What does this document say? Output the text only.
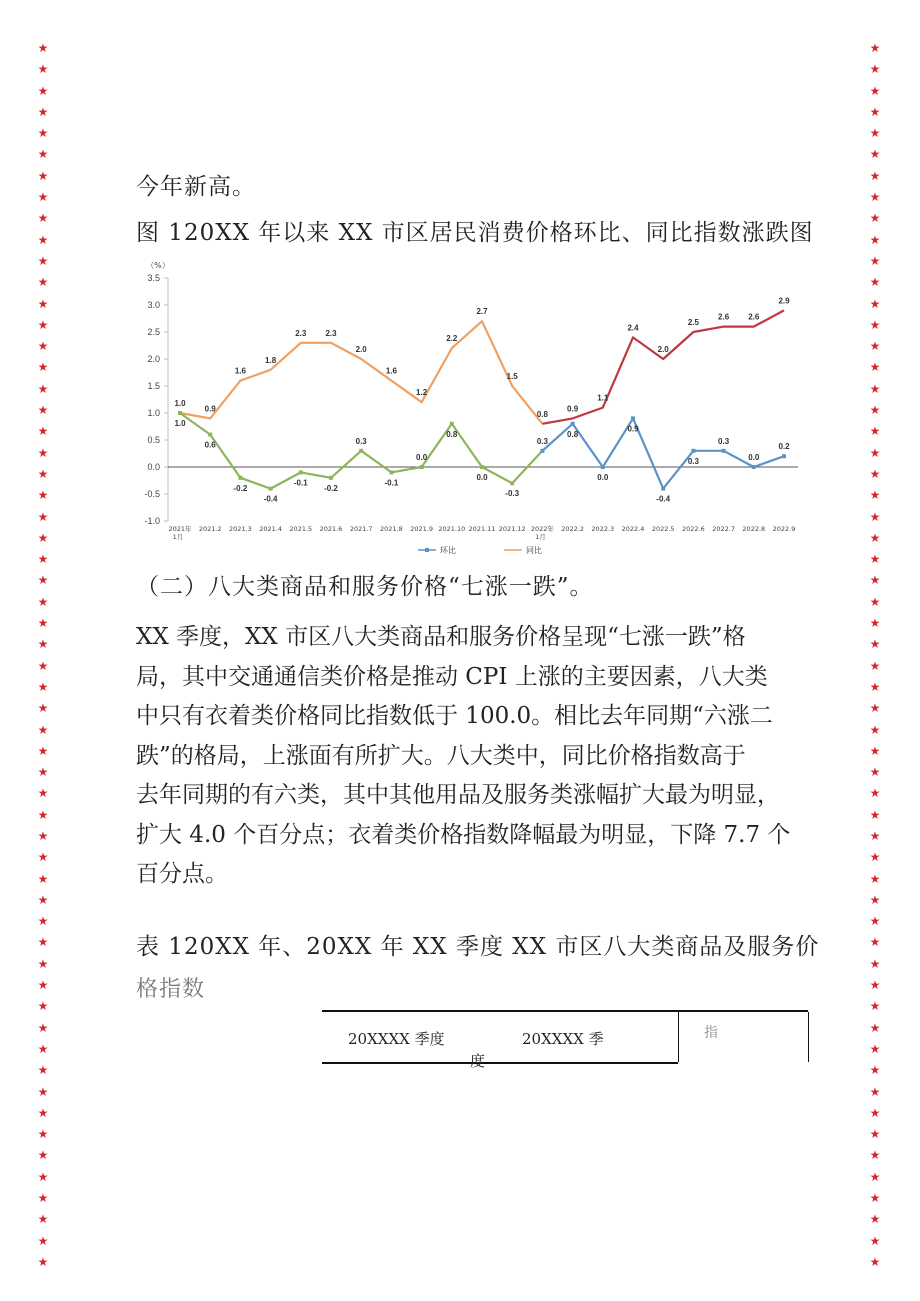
★
★
★
★
★
★
★
★
★
★
★
★
★
★
★
★
★
★
★
★
★
★
★
★
★
★
★
★
★
★
★
★
★
★
★
★
★
★
★
★
★
★
★
★
★
★
★
★
★
★
★
★
★
★
★
★
★
★
★
★
★
★
★
★
★
★
★
★
★
★
★
★
★
★
★
★
★
★
★
★
★
★
★
★
★
★
★
★
★
★
★
★
★
★
★
★
★
★
★
★
★
★
★
★
★
★
★
★
★
★
★
★
★
★
★
★
今年新高。
图 120XX 年以来 XX 市区居民消费价格环比、同比指数涨跌图
-1.0
-0.5
0.0
0.5
1.0
1.5
2.0
2.5
3.0
3.5
（%）
2021年
1月
2021.2 2021.3 2021.4 2021.5 2021.6 2021.7 2021.8 2021.9 2021.10 2021.11 2021.12 2022年
1月
2022.2 2022.3 2022.4 2022.5 2022.6 2022.7 2022.8 2022.9
1.0
0.9
1.6
1.8
2.3 2.3
2.0
1.6
1.2
2.2
2.7
1.5
0.8
0.9
1.1
2.4
2.0
2.5
2.6 2.6
2.9
1.0
0.6
-0.2
-0.4
-0.1
-0.2
0.3
-0.1
0.0
0.8
0.0
-0.3
0.3
0.8
0.0
0.9
-0.4
0.3
0.3
0.0
0.2
环比	同比
（二）八大类商品和服务价格“七涨一跌”。
XX 季度，XX 市区八大类商品和服务价格呈现“七涨一跌”格
局，其中交通通信类价格是推动 CPI 上涨的主要因素，八大类
中只有衣着类价格同比指数低于 100.0。相比去年同期“六涨二
跌”的格局，上涨面有所扩大。八大类中，同比价格指数高于
去年同期的有六类，其中其他用品及服务类涨幅扩大最为明显，
扩大 4.0 个百分点；衣着类价格指数降幅最为明显，下降 7.7 个
百分点。
表 120XX 年、20XX 年 XX 季度 XX 市区八大类商品及服务价
格指数
20XXXX 季度	20XXXX 季
度
指
